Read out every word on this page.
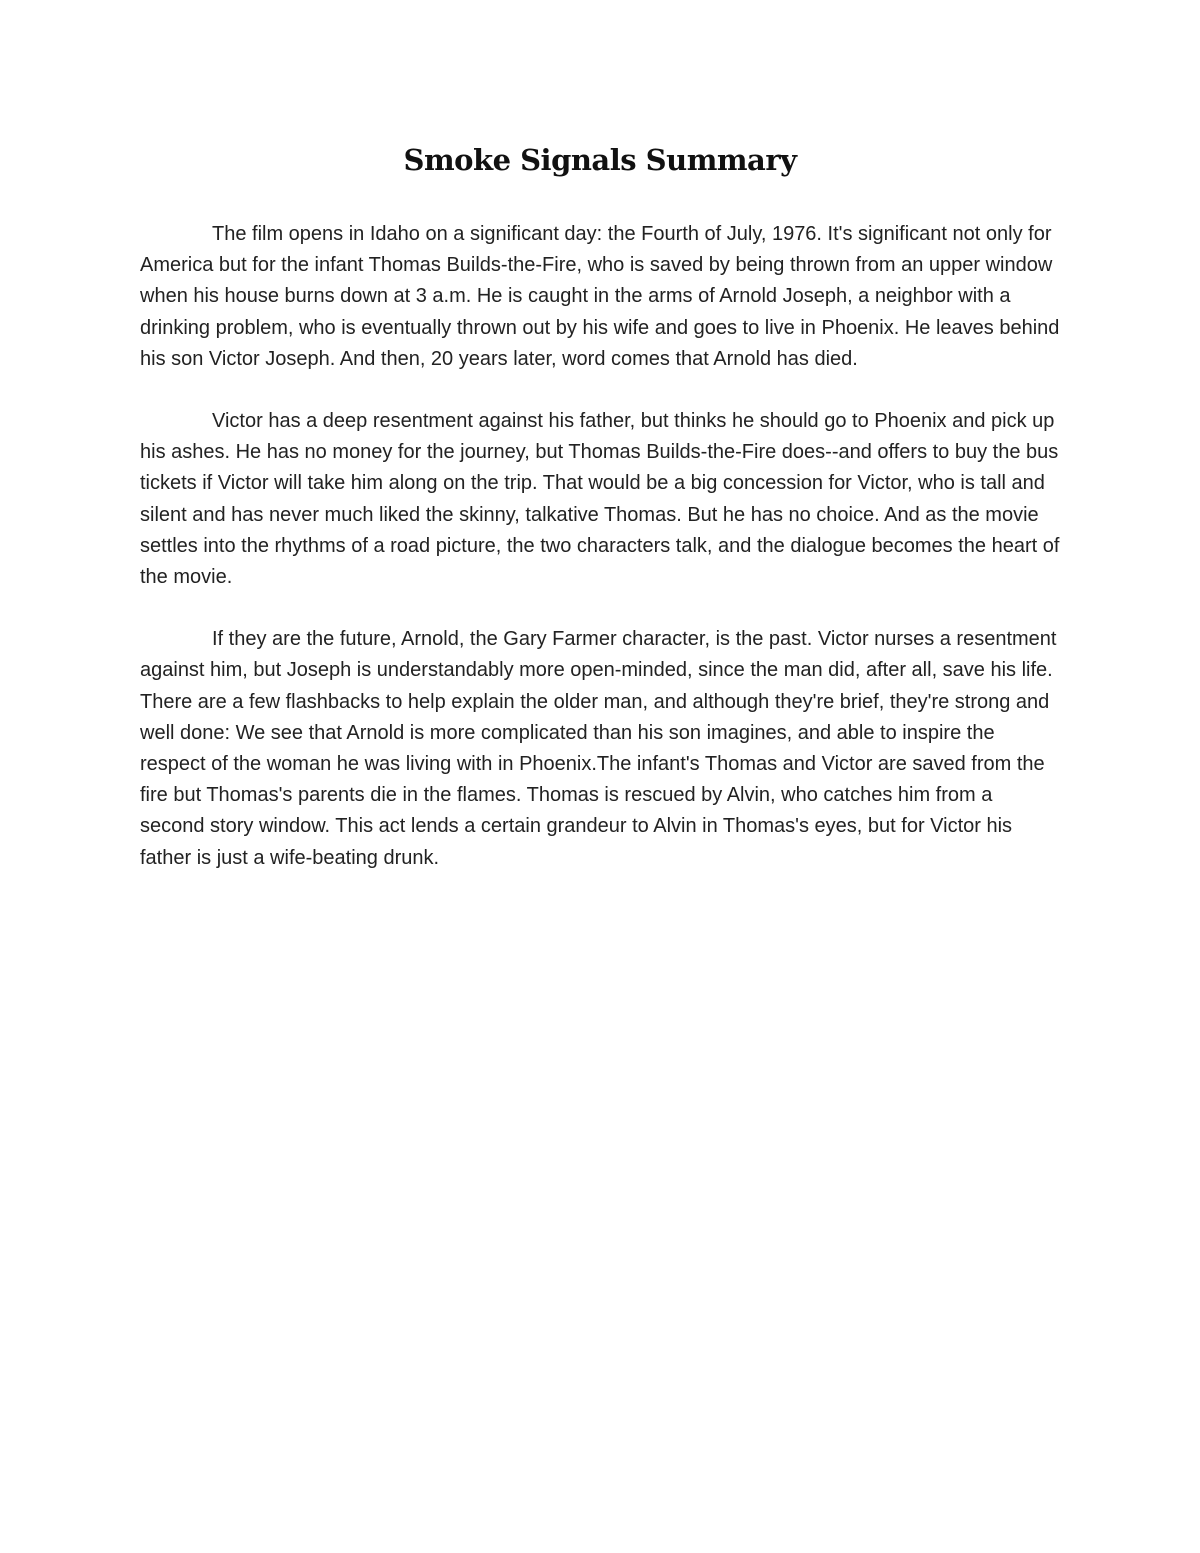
Smoke Signals Summary

The film opens in Idaho on a significant day: the Fourth of July, 1976. It's significant not only for America but for the infant Thomas Builds-the-Fire, who is saved by being thrown from an upper window when his house burns down at 3 a.m. He is caught in the arms of Arnold Joseph, a neighbor with a drinking problem, who is eventually thrown out by his wife and goes to live in Phoenix. He leaves behind his son Victor Joseph. And then, 20 years later, word comes that Arnold has died.

Victor has a deep resentment against his father, but thinks he should go to Phoenix and pick up his ashes. He has no money for the journey, but Thomas Builds-the-Fire does--and offers to buy the bus tickets if Victor will take him along on the trip. That would be a big concession for Victor, who is tall and silent and has never much liked the skinny, talkative Thomas. But he has no choice. And as the movie settles into the rhythms of a road picture, the two characters talk, and the dialogue becomes the heart of the movie.

If they are the future, Arnold, the Gary Farmer character, is the past. Victor nurses a resentment against him, but Joseph is understandably more open-minded, since the man did, after all, save his life. There are a few flashbacks to help explain the older man, and although they're brief, they're strong and well done: We see that Arnold is more complicated than his son imagines, and able to inspire the respect of the woman he was living with in Phoenix.The infant's Thomas and Victor are saved from the fire but Thomas's parents die in the flames. Thomas is rescued by Alvin, who catches him from a second story window. This act lends a certain grandeur to Alvin in Thomas's eyes, but for Victor his father is just a wife-beating drunk.
